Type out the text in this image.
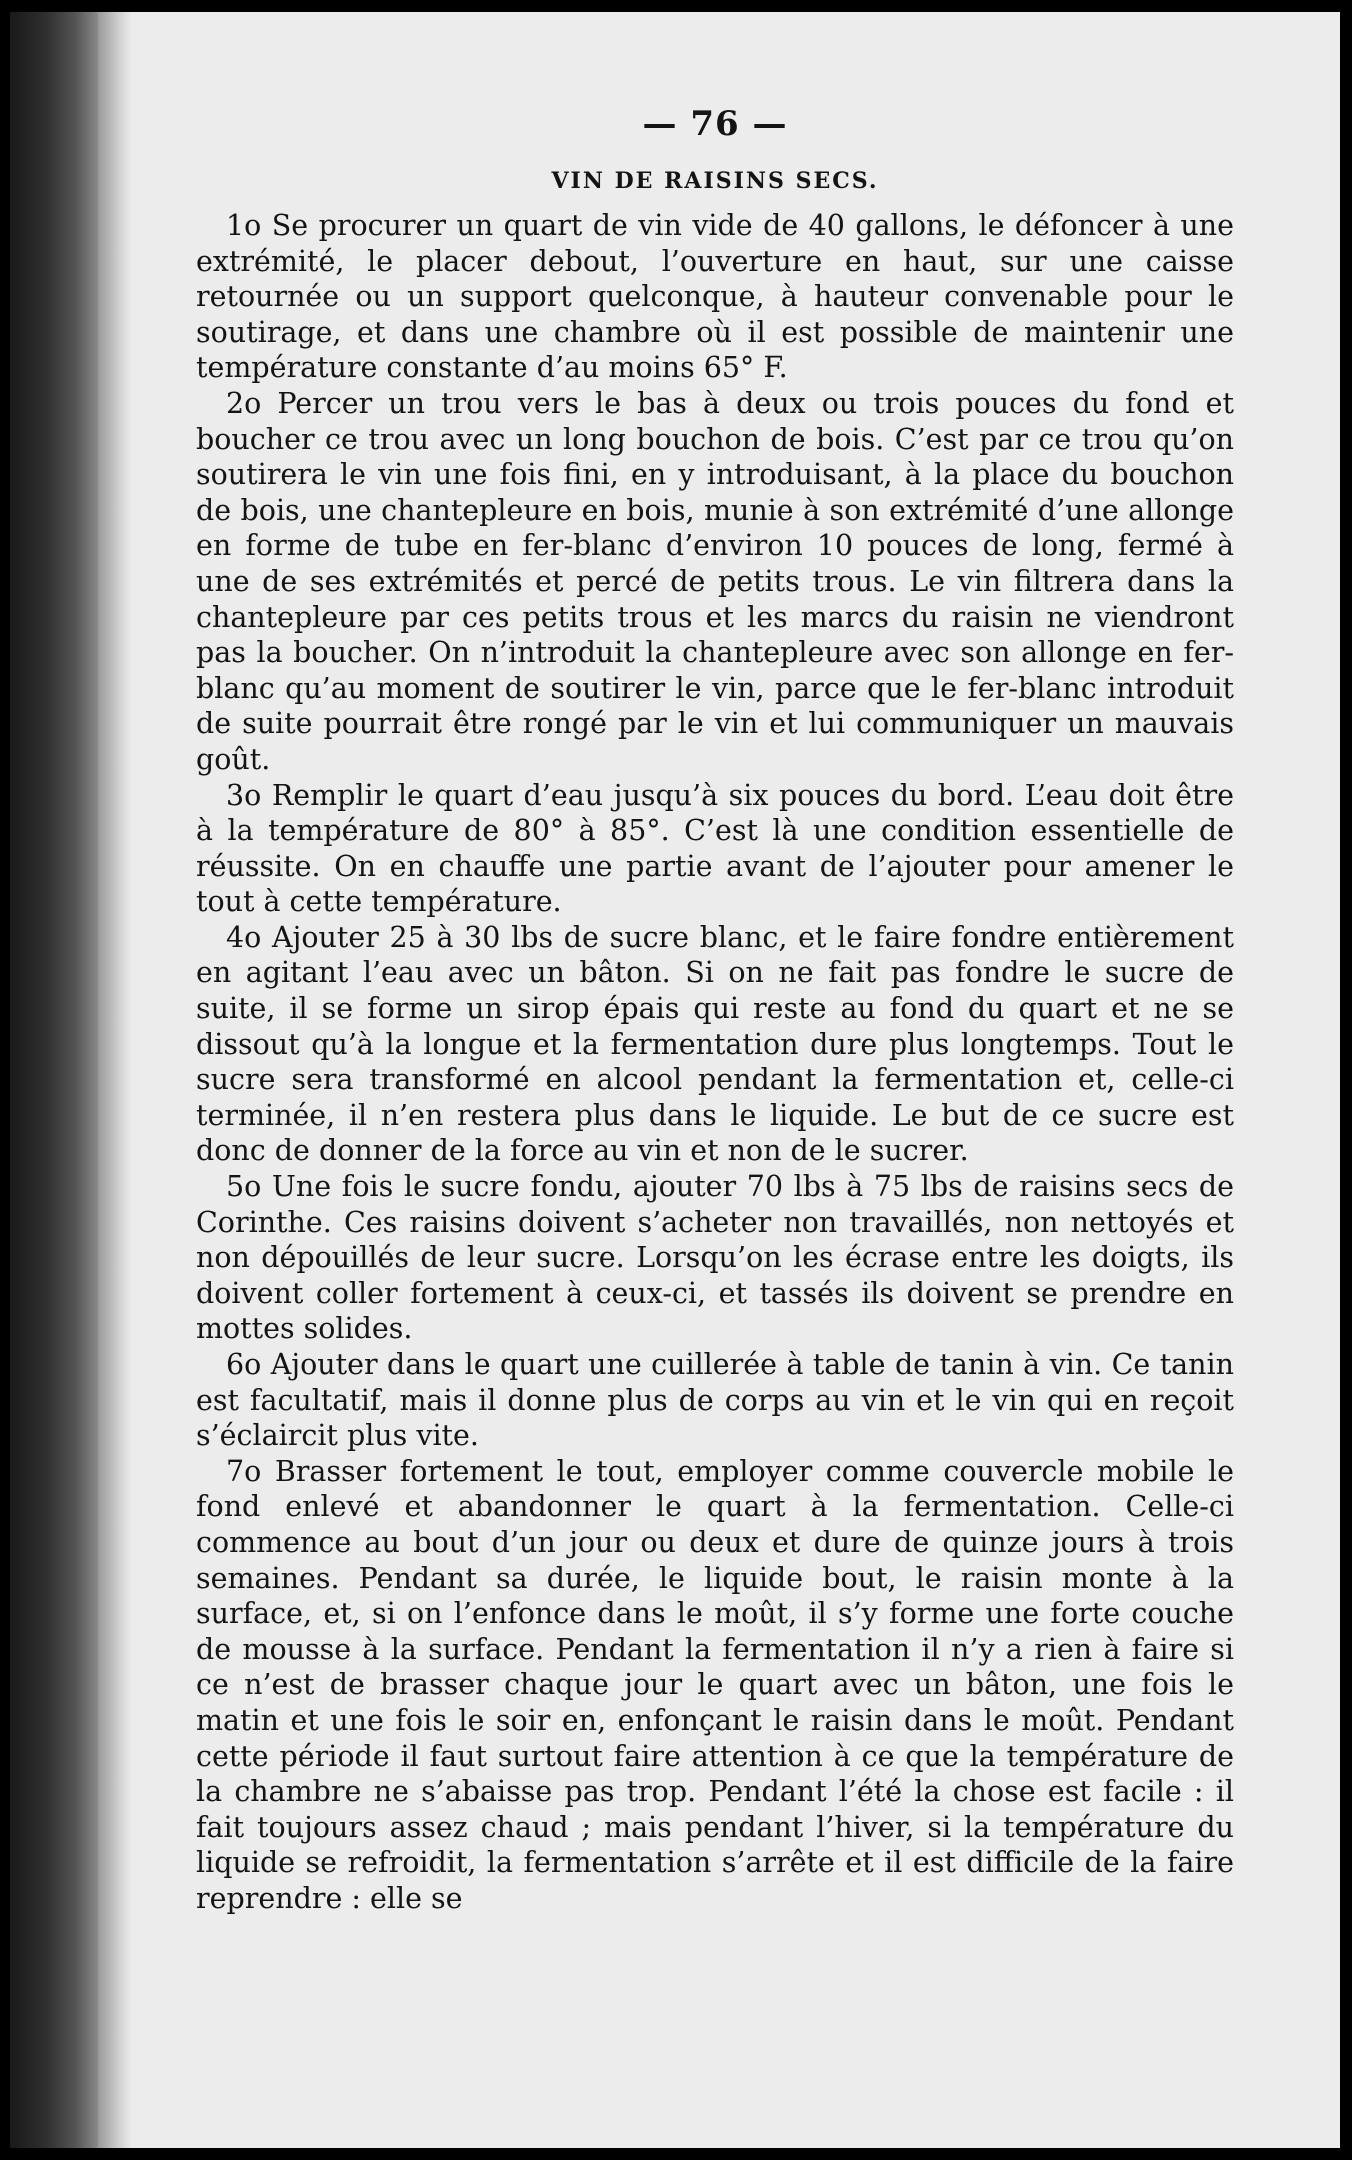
— 76 —
VIN DE RAISINS SECS.

1o Se procurer un quart de vin vide de 40 gallons, le défoncer à une extrémité, le placer debout, l’ouverture en haut, sur une caisse retournée ou un support quelconque, à hauteur convenable pour le soutirage, et dans une chambre où il est possible de maintenir une température constante d’au moins 65° F.

2o Percer un trou vers le bas à deux ou trois pouces du fond et boucher ce trou avec un long bouchon de bois. C’est par ce trou qu’on soutirera le vin une fois fini, en y introduisant, à la place du bouchon de bois, une chantepleure en bois, munie à son extrémité d’une allonge en forme de tube en fer-blanc d’environ 10 pouces de long, fermé à une de ses extrémités et percé de petits trous. Le vin filtrera dans la chantepleure par ces petits trous et les marcs du raisin ne viendront pas la boucher. On n’introduit la chantepleure avec son allonge en fer-blanc qu’au moment de soutirer le vin, parce que le fer-blanc introduit de suite pourrait être rongé par le vin et lui communiquer un mauvais goût.

3o Remplir le quart d’eau jusqu’à six pouces du bord. L’eau doit être à la température de 80° à 85°. C’est là une condition essentielle de réussite. On en chauffe une partie avant de l’ajouter pour amener le tout à cette température.

4o Ajouter 25 à 30 lbs de sucre blanc, et le faire fondre entièrement en agitant l’eau avec un bâton. Si on ne fait pas fondre le sucre de suite, il se forme un sirop épais qui reste au fond du quart et ne se dissout qu’à la longue et la fermentation dure plus longtemps. Tout le sucre sera transformé en alcool pendant la fermentation et, celle-ci terminée, il n’en restera plus dans le liquide. Le but de ce sucre est donc de donner de la force au vin et non de le sucrer.

5o Une fois le sucre fondu, ajouter 70 lbs à 75 lbs de raisins secs de Corinthe. Ces raisins doivent s’acheter non travaillés, non nettoyés et non dépouillés de leur sucre. Lorsqu’on les écrase entre les doigts, ils doivent coller fortement à ceux-ci, et tassés ils doivent se prendre en mottes solides.

6o Ajouter dans le quart une cuillerée à table de tanin à vin. Ce tanin est facultatif, mais il donne plus de corps au vin et le vin qui en reçoit s’éclaircit plus vite.

7o Brasser fortement le tout, employer comme couvercle mobile le fond enlevé et abandonner le quart à la fermentation. Celle-ci commence au bout d’un jour ou deux et dure de quinze jours à trois semaines. Pendant sa durée, le liquide bout, le raisin monte à la surface, et, si on l’enfonce dans le moût, il s’y forme une forte couche de mousse à la surface. Pendant la fermentation il n’y a rien à faire si ce n’est de brasser chaque jour le quart avec un bâton, une fois le matin et une fois le soir en, enfonçant le raisin dans le moût. Pendant cette période il faut surtout faire attention à ce que la température de la chambre ne s’abaisse pas trop. Pendant l’été la chose est facile : il fait toujours assez chaud ; mais pendant l’hiver, si la température du liquide se refroidit, la fermentation s’arrête et il est difficile de la faire reprendre : elle se
